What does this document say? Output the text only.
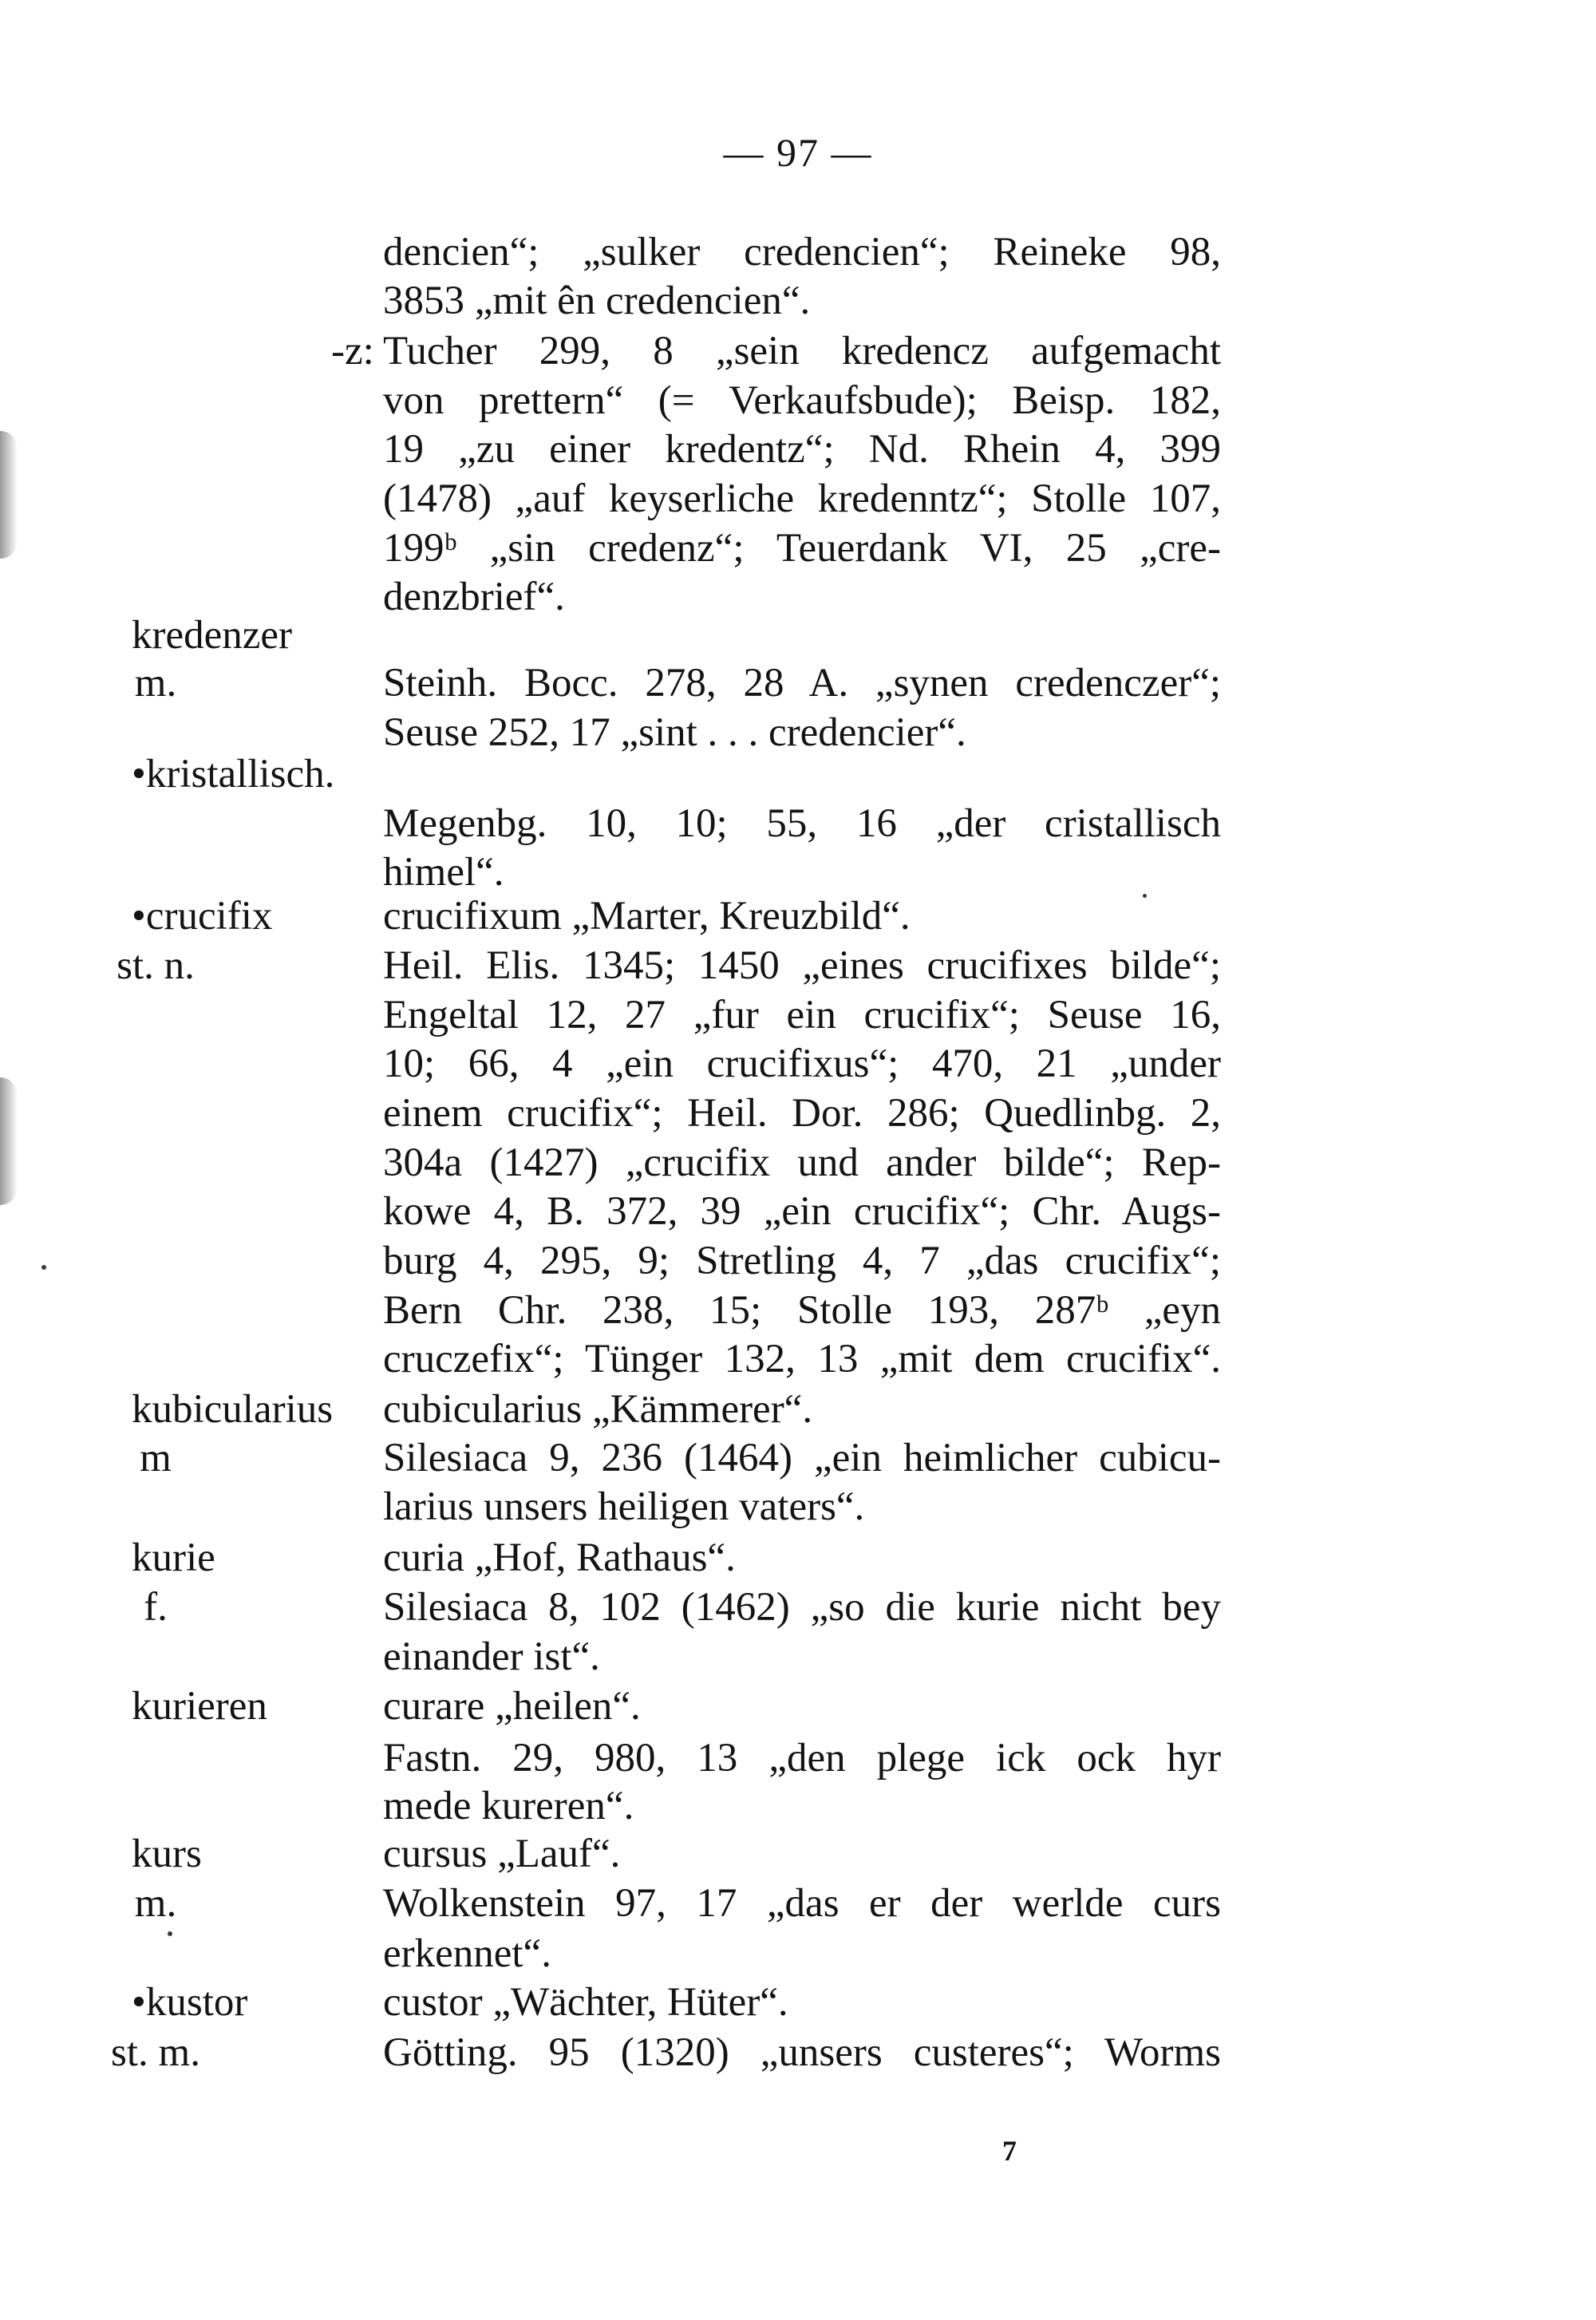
— 97 —
dencien“; „sulker credencien“; Reineke 98,
3853 „mit ên credencien“.
-z: Tucher 299, 8 „sein kredencz aufgemacht
von prettern“ (= Verkaufsbude); Beisp. 182,
19 „zu einer kredentz“; Nd. Rhein 4, 399
(1478) „auf keyserliche kredenntz“; Stolle 107,
199ᵇ „sin credenz“; Teuerdank VI, 25 „cre-
denzbrief“.
kredenzer
m.	Steinh. Bocc. 278, 28 A. „synen credenczer“;
Seuse 252, 17 „sint . . . credencier“.
•kristallisch.
Megenbg. 10, 10; 55, 16 „der cristallisch
himel“.
•crucifix	crucifixum „Marter, Kreuzbild“.
st. n.	Heil. Elis. 1345; 1450 „eines crucifixes bilde“;
Engeltal 12, 27 „fur ein crucifix“; Seuse 16,
10; 66, 4 „ein crucifixus“; 470, 21 „under
einem crucifix“; Heil. Dor. 286; Quedlinbg. 2,
304a (1427) „crucifix und ander bilde“; Rep-
kowe 4, B. 372, 39 „ein crucifix“; Chr. Augs-
burg 4, 295, 9; Stretling 4, 7 „das crucifix“;
Bern Chr. 238, 15; Stolle 193, 287ᵇ „eyn
cruczefix“; Tünger 132, 13 „mit dem crucifix“.
kubicularius cubicularius „Kämmerer“.
m	Silesiaca 9, 236 (1464) „ein heimlicher cubicu-
larius unsers heiligen vaters“.
kurie	curia „Hof, Rathaus“.
f.	Silesiaca 8, 102 (1462) „so die kurie nicht bey
einander ist“.
kurieren	curare „heilen“.
Fastn. 29, 980, 13 „den plege ick ock hyr
mede kureren“.
kurs	cursus „Lauf“.
m.	Wolkenstein 97, 17 „das er der werlde curs
erkennet“.
•kustor	custor „Wächter, Hüter“.
st. m.	Götting. 95 (1320) „unsers custeres“; Worms
7
